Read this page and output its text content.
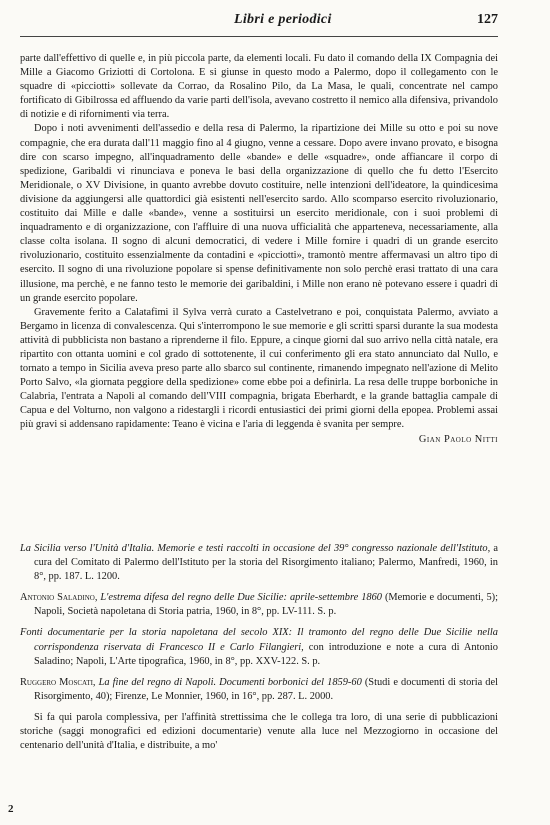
Libri e periodici	127

parte dall'effettivo di quelle e, in più piccola parte, da elementi locali. Fu dato il comando della IX Compagnia dei Mille a Giacomo Griziotti di Cortolona. E si giunse in questo modo a Palermo, dopo il collegamento con le squadre di «picciotti» sollevate da Corrao, da Rosalino Pilo, da La Masa, le quali, concentrate nel campo fortificato di Gibilrossa ed affluendo da varie parti dell'isola, avevano costretto il nemico alla difensiva, privandolo di notizie e di rifornimenti via terra.

Dopo i noti avvenimenti dell'assedio e della resa di Palermo, la ripartizione dei Mille su otto e poi su nove compagnie, che era durata dall'11 maggio fino al 4 giugno, venne a cessare. Dopo avere invano provato, e bisogna dire con scarso impegno, all'inquadramento delle «bande» e delle «squadre», onde affiancare il corpo di spedizione, Garibaldi vi rinunciava e poneva le basi della organizzazione di quello che fu detto l'Esercito Meridionale, o XV Divisione, in quanto avrebbe dovuto costituire, nelle intenzioni dell'ideatore, la quindicesima divisione da aggiungersi alle quattordici già esistenti nell'esercito sardo. Allo scomparso esercito rivoluzionario, costituito dai Mille e dalle «bande», venne a sostituirsi un esercito meridionale, con i suoi problemi di inquadramento e di organizzazione, con l'affluire di una nuova ufficialità che apparteneva, necessariamente, alla classe colta isolana. Il sogno di alcuni democratici, di vedere i Mille fornire i quadri di un grande esercito rivoluzionario, costituito essenzialmente da contadini e «picciotti», tramontò mentre affermavasi un altro tipo di esercito. Il sogno di una rivoluzione popolare si spense definitivamente non solo perchè erasi trattato di una cara illusione, ma perchè, e ne fanno testo le memorie dei garibaldini, i Mille non erano nè potevano essere i quadri di un grande esercito popolare.

Gravemente ferito a Calatafimi il Sylva verrà curato a Castelvetrano e poi, conquistata Palermo, avviato a Bergamo in licenza di convalescenza. Qui s'interrompono le sue memorie e gli scritti sparsi durante la sua modesta attività di pubblicista non bastano a riprenderne il filo. Eppure, a cinque giorni dal suo arrivo nella città natale, era ripartito con ottanta uomini e col grado di sottotenente, il cui conferimento gli era stato annunciato dal Nullo, e tornato a tempo in Sicilia aveva preso parte allo sbarco sul continente, rimanendo impegnato nell'azione di Melito Porto Salvo, «la giornata peggiore della spedizione» come ebbe poi a definirla. La resa delle truppe borboniche in Calabria, l'entrata a Napoli al comando dell'VIII compagnia, brigata Eberhardt, e la grande battaglia campale di Capua e del Volturno, non valgono a ridestargli i ricordi entusiastici dei primi giorni della epopea. Problemi assai più gravi si addensano rapidamente: Teano è vicina e l'aria di leggenda è svanita per sempre.

Gian Paolo Nitti
La Sicilia verso l'Unità d'Italia. Memorie e testi raccolti in occasione del 39° congresso nazionale dell'Istituto, a cura del Comitato di Palermo dell'Istituto per la storia del Risorgimento italiano; Palermo, Manfredi, 1960, in 8°, pp. 187. L. 1200.
Antonio Saladino, L'estrema difesa del regno delle Due Sicilie: aprile-settembre 1860 (Memorie e documenti, 5); Napoli, Società napoletana di Storia patria, 1960, in 8°, pp. LV-111. S. p.
Fonti documentarie per la storia napoletana del secolo XIX: Il tramonto del regno delle Due Sicilie nella corrispondenza riservata di Francesco II e Carlo Filangieri, con introduzione e note a cura di Antonio Saladino; Napoli, L'Arte tipografica, 1960, in 8°, pp. XXV-122. S. p.
Ruggero Moscati, La fine del regno di Napoli. Documenti borbonici del 1859-60 (Studi e documenti di storia del Risorgimento, 40); Firenze, Le Monnier, 1960, in 16°, pp. 287. L. 2000.
Si fa qui parola complessiva, per l'affinità strettissima che le collega tra loro, di una serie di pubblicazioni storiche (saggi monografici ed edizioni documentarie) venute alla luce nel Mezzogiorno in occasione del centenario dell'unità d'Italia, e distribuite, a mo'
2
